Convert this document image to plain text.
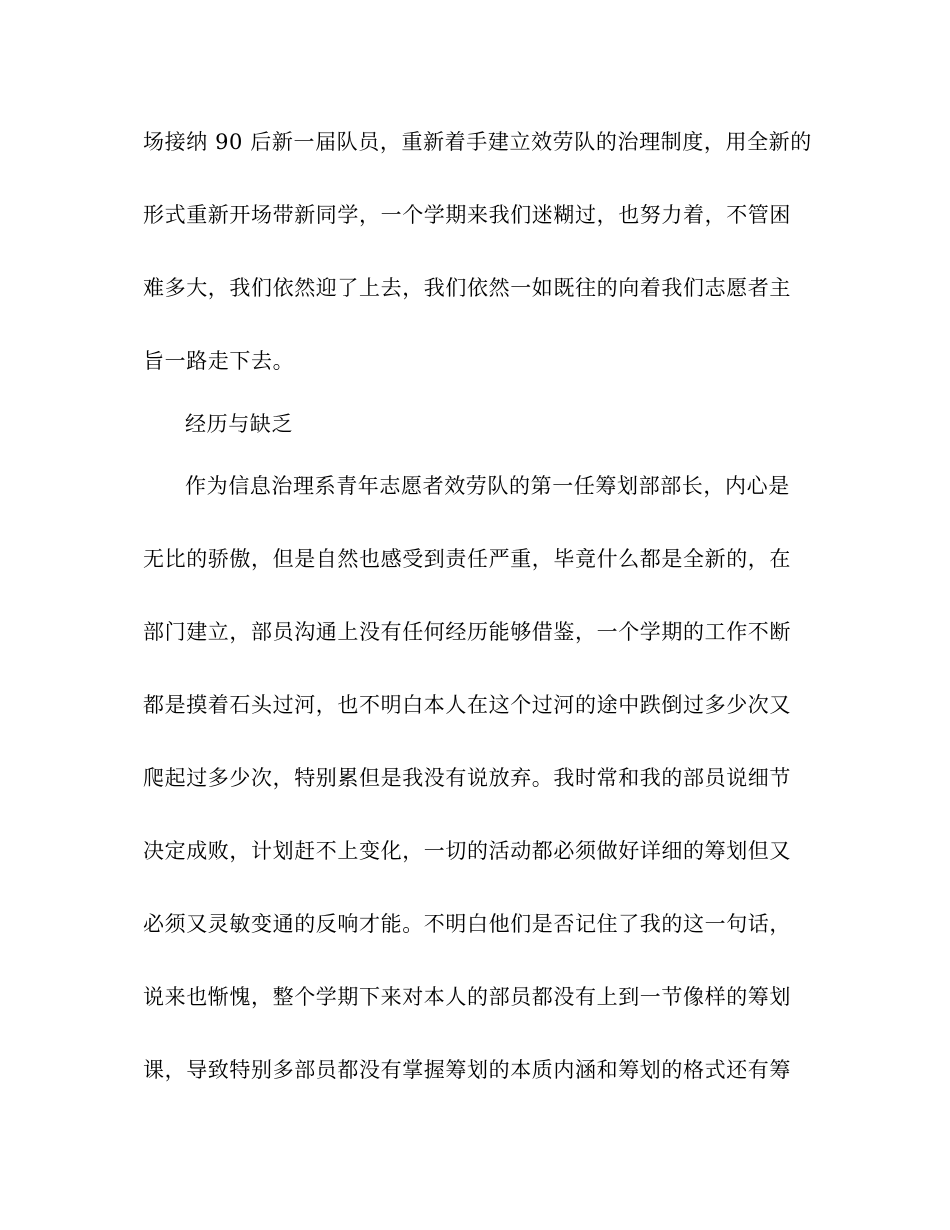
场接纳 90 后新一届队员，重新着手建立效劳队的治理制度，用全新的
形式重新开场带新同学，一个学期来我们迷糊过，也努力着，不管困
难多大，我们依然迎了上去，我们依然一如既往的向着我们志愿者主
旨一路走下去。
经历与缺乏
作为信息治理系青年志愿者效劳队的第一任筹划部部长，内心是
无比的骄傲，但是自然也感受到责任严重，毕竟什么都是全新的，在
部门建立，部员沟通上没有任何经历能够借鉴，一个学期的工作不断
都是摸着石头过河，也不明白本人在这个过河的途中跌倒过多少次又
爬起过多少次，特别累但是我没有说放弃。我时常和我的部员说细节
决定成败，计划赶不上变化，一切的活动都必须做好详细的筹划但又
必须又灵敏变通的反响才能。不明白他们是否记住了我的这一句话，
说来也惭愧，整个学期下来对本人的部员都没有上到一节像样的筹划
课，导致特别多部员都没有掌握筹划的本质内涵和筹划的格式还有筹
